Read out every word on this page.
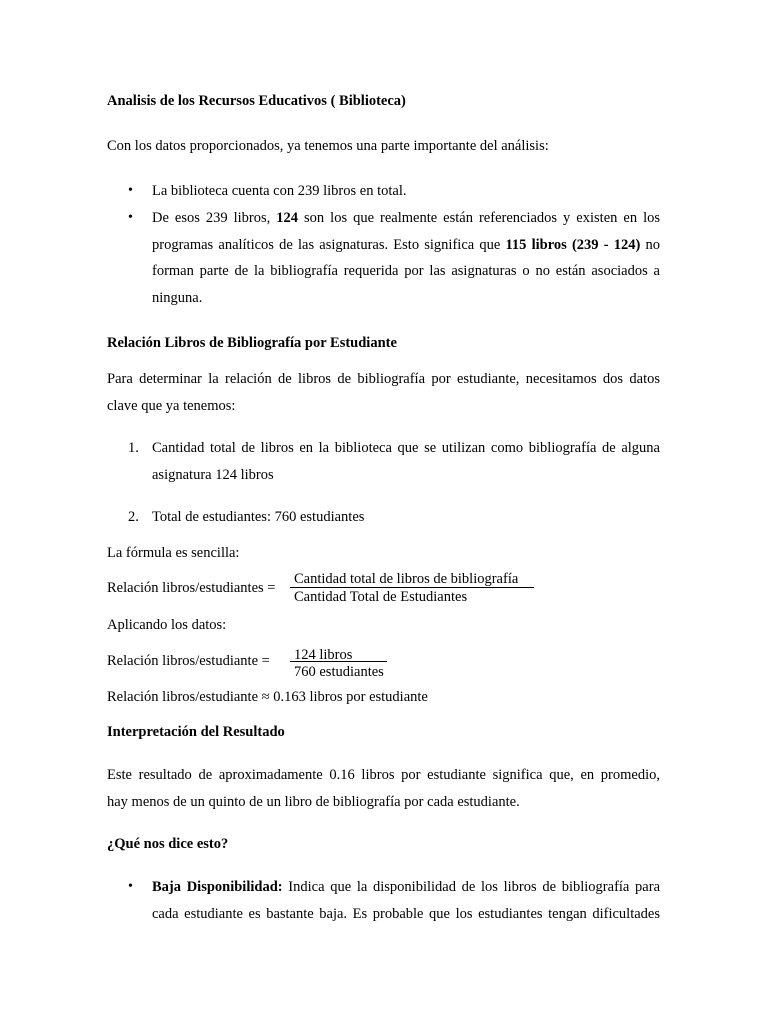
Analisis de los Recursos Educativos ( Biblioteca)
Con los datos proporcionados, ya tenemos una parte importante del análisis:
• La biblioteca cuenta con 239 libros en total.
• De esos 239 libros, 124 son los que realmente están referenciados y existen en los
programas analíticos de las asignaturas. Esto significa que 115 libros (239 - 124) no
forman parte de la bibliografía requerida por las asignaturas o no están asociados a
ninguna.
Relación Libros de Bibliografía por Estudiante
Para determinar la relación de libros de bibliografía por estudiante, necesitamos dos datos
clave que ya tenemos:
1. Cantidad total de libros en la biblioteca que se utilizan como bibliografía de alguna
asignatura 124 libros
2. Total de estudiantes: 760 estudiantes
La fórmula es sencilla:
Relación libros/estudiantes =
Cantidad total de libros de bibliografía
Cantidad Total de Estudiantes
Aplicando los datos:
Relación libros/estudiante = 124 libros
760 estudiantes
Relación libros/estudiante ≈ 0.163 libros por estudiante
Interpretación del Resultado
Este resultado de aproximadamente 0.16 libros por estudiante significa que, en promedio,
hay menos de un quinto de un libro de bibliografía por cada estudiante.
¿Qué nos dice esto?
• Baja Disponibilidad: Indica que la disponibilidad de los libros de bibliografía para
cada estudiante es bastante baja. Es probable que los estudiantes tengan dificultades
